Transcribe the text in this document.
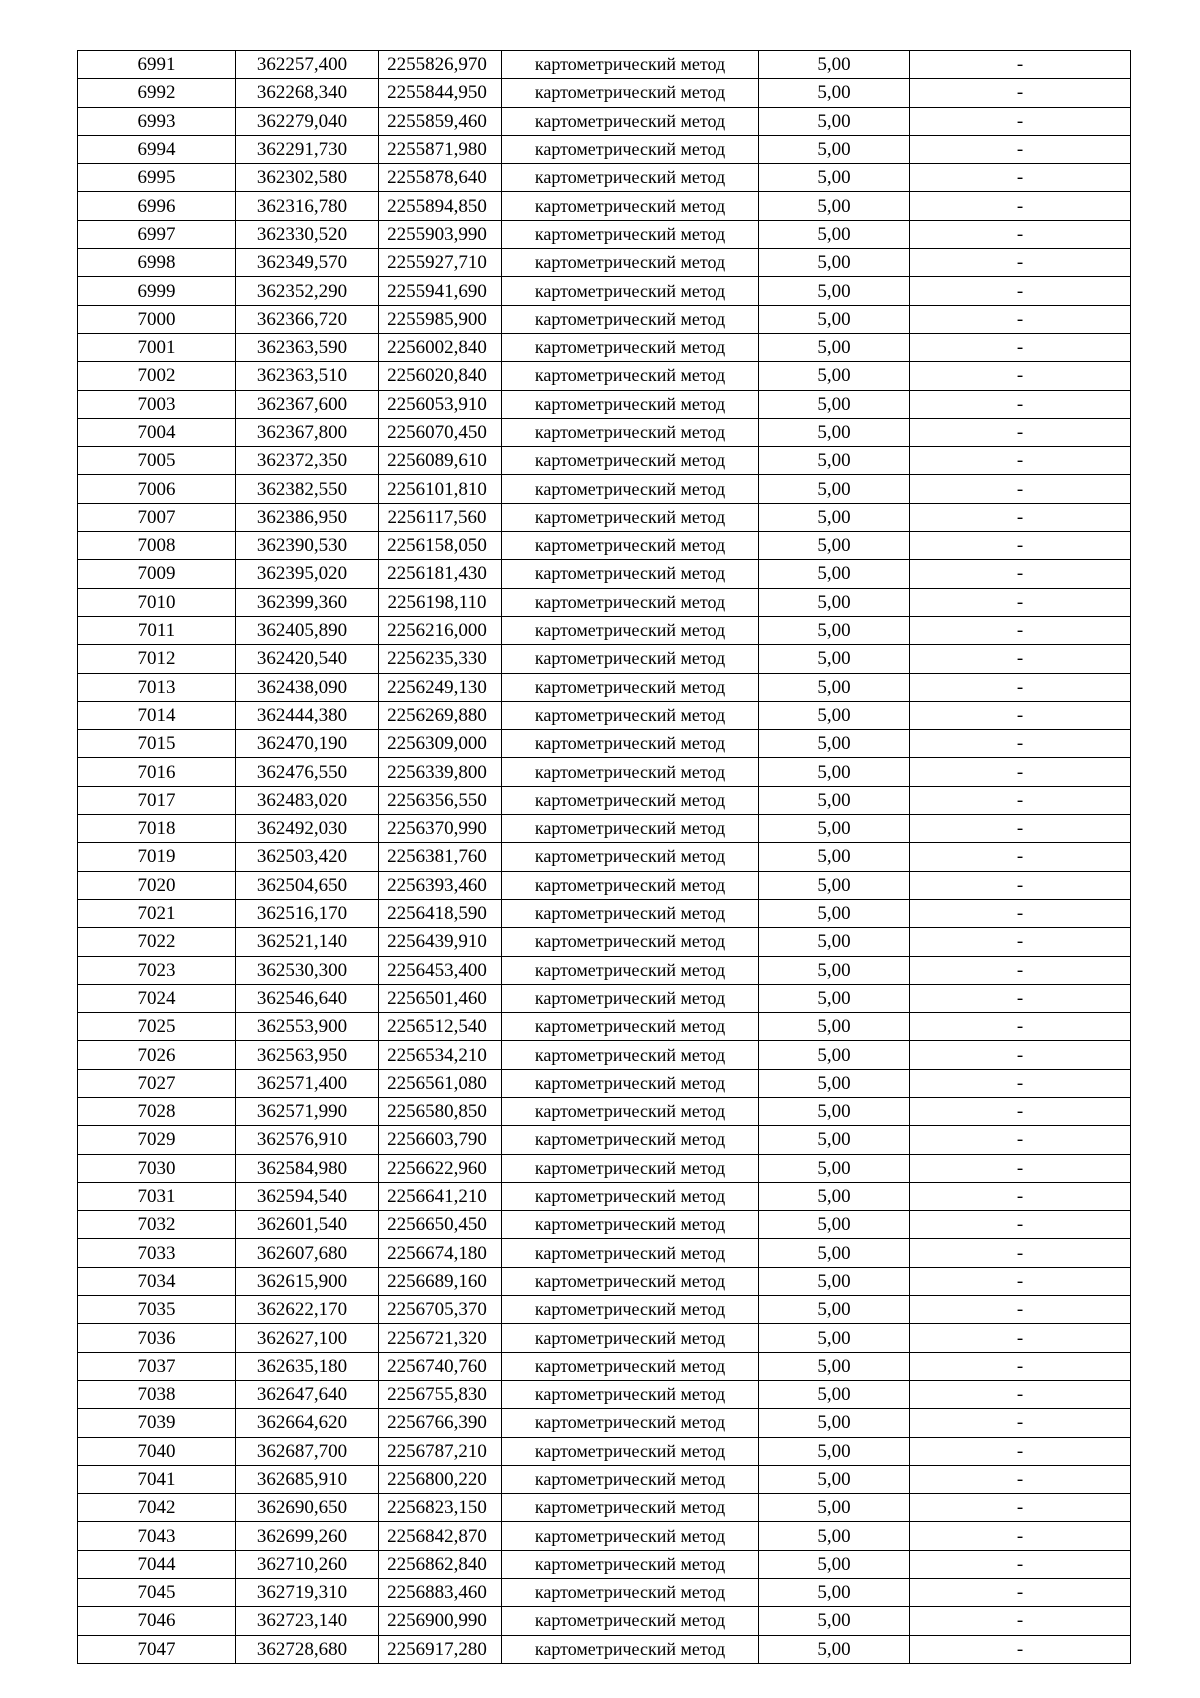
6991	362257,400	2255826,970	картометрический метод	5,00	-
6992	362268,340	2255844,950	картометрический метод	5,00	-
6993	362279,040	2255859,460	картометрический метод	5,00	-
6994	362291,730	2255871,980	картометрический метод	5,00	-
6995	362302,580	2255878,640	картометрический метод	5,00	-
6996	362316,780	2255894,850	картометрический метод	5,00	-
6997	362330,520	2255903,990	картометрический метод	5,00	-
6998	362349,570	2255927,710	картометрический метод	5,00	-
6999	362352,290	2255941,690	картометрический метод	5,00	-
7000	362366,720	2255985,900	картометрический метод	5,00	-
7001	362363,590	2256002,840	картометрический метод	5,00	-
7002	362363,510	2256020,840	картометрический метод	5,00	-
7003	362367,600	2256053,910	картометрический метод	5,00	-
7004	362367,800	2256070,450	картометрический метод	5,00	-
7005	362372,350	2256089,610	картометрический метод	5,00	-
7006	362382,550	2256101,810	картометрический метод	5,00	-
7007	362386,950	2256117,560	картометрический метод	5,00	-
7008	362390,530	2256158,050	картометрический метод	5,00	-
7009	362395,020	2256181,430	картометрический метод	5,00	-
7010	362399,360	2256198,110	картометрический метод	5,00	-
7011	362405,890	2256216,000	картометрический метод	5,00	-
7012	362420,540	2256235,330	картометрический метод	5,00	-
7013	362438,090	2256249,130	картометрический метод	5,00	-
7014	362444,380	2256269,880	картометрический метод	5,00	-
7015	362470,190	2256309,000	картометрический метод	5,00	-
7016	362476,550	2256339,800	картометрический метод	5,00	-
7017	362483,020	2256356,550	картометрический метод	5,00	-
7018	362492,030	2256370,990	картометрический метод	5,00	-
7019	362503,420	2256381,760	картометрический метод	5,00	-
7020	362504,650	2256393,460	картометрический метод	5,00	-
7021	362516,170	2256418,590	картометрический метод	5,00	-
7022	362521,140	2256439,910	картометрический метод	5,00	-
7023	362530,300	2256453,400	картометрический метод	5,00	-
7024	362546,640	2256501,460	картометрический метод	5,00	-
7025	362553,900	2256512,540	картометрический метод	5,00	-
7026	362563,950	2256534,210	картометрический метод	5,00	-
7027	362571,400	2256561,080	картометрический метод	5,00	-
7028	362571,990	2256580,850	картометрический метод	5,00	-
7029	362576,910	2256603,790	картометрический метод	5,00	-
7030	362584,980	2256622,960	картометрический метод	5,00	-
7031	362594,540	2256641,210	картометрический метод	5,00	-
7032	362601,540	2256650,450	картометрический метод	5,00	-
7033	362607,680	2256674,180	картометрический метод	5,00	-
7034	362615,900	2256689,160	картометрический метод	5,00	-
7035	362622,170	2256705,370	картометрический метод	5,00	-
7036	362627,100	2256721,320	картометрический метод	5,00	-
7037	362635,180	2256740,760	картометрический метод	5,00	-
7038	362647,640	2256755,830	картометрический метод	5,00	-
7039	362664,620	2256766,390	картометрический метод	5,00	-
7040	362687,700	2256787,210	картометрический метод	5,00	-
7041	362685,910	2256800,220	картометрический метод	5,00	-
7042	362690,650	2256823,150	картометрический метод	5,00	-
7043	362699,260	2256842,870	картометрический метод	5,00	-
7044	362710,260	2256862,840	картометрический метод	5,00	-
7045	362719,310	2256883,460	картометрический метод	5,00	-
7046	362723,140	2256900,990	картометрический метод	5,00	-
7047	362728,680	2256917,280	картометрический метод	5,00	-
